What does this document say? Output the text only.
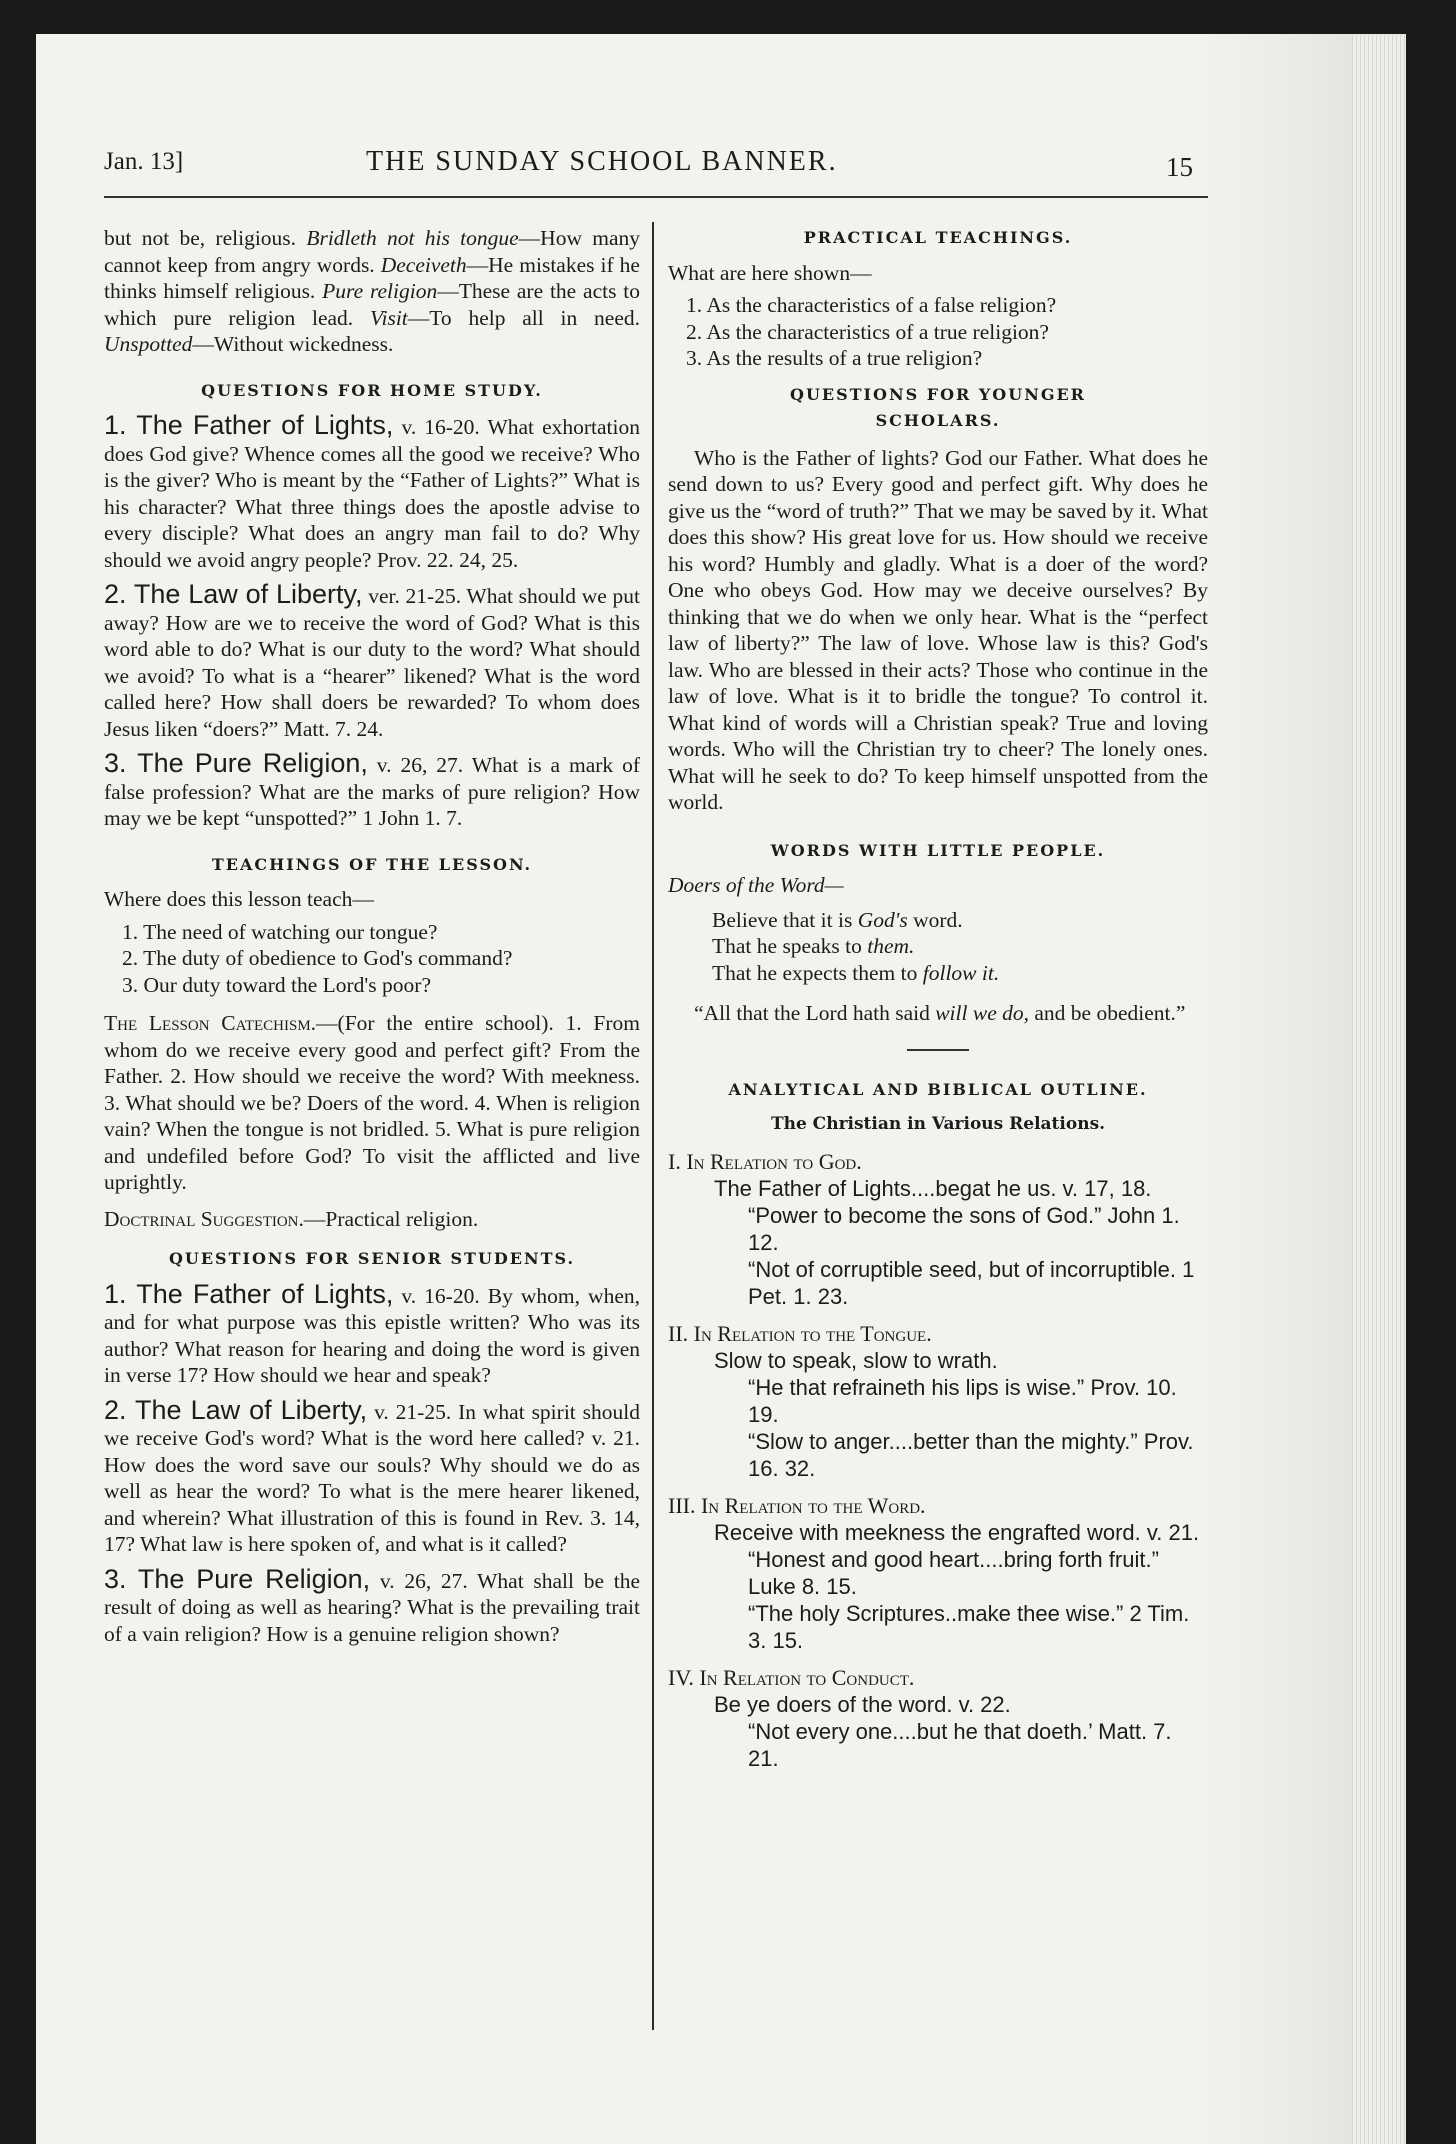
Jan. 13]	THE SUNDAY SCHOOL BANNER.	15

but not be, religious. Bridleth not his tongue—How many cannot keep from angry words. Deceiveth—He mistakes if he thinks himself religious. Pure religion—These are the acts to which pure religion lead. Visit—To help all in need. Unspotted—Without wickedness.

QUESTIONS FOR HOME STUDY.

1. The Father of Lights, v. 16-20. What exhortation does God give? Whence comes all the good we receive? Who is the giver? Who is meant by the “Father of Lights?” What is his character? What three things does the apostle advise to every disciple? What does an angry man fail to do? Why should we avoid angry people? Prov. 22. 24, 25.

2. The Law of Liberty, ver. 21-25. What should we put away? How are we to receive the word of God? What is this word able to do? What is our duty to the word? What should we avoid? To what is a “hearer” likened? What is the word called here? How shall doers be rewarded? To whom does Jesus liken “doers?” Matt. 7. 24.

3. The Pure Religion, v. 26, 27. What is a mark of false profession? What are the marks of pure religion? How may we be kept “unspotted?” 1 John 1. 7.

TEACHINGS OF THE LESSON.

Where does this lesson teach—

1. The need of watching our tongue?
2. The duty of obedience to God's command?
3. Our duty toward the Lord's poor?

The Lesson Catechism.—(For the entire school). 1. From whom do we receive every good and perfect gift? From the Father. 2. How should we receive the word? With meekness. 3. What should we be? Doers of the word. 4. When is religion vain? When the tongue is not bridled. 5. What is pure religion and undefiled before God? To visit the afflicted and live uprightly.

Doctrinal Suggestion.—Practical religion.

QUESTIONS FOR SENIOR STUDENTS.

1. The Father of Lights, v. 16-20. By whom, when, and for what purpose was this epistle written? Who was its author? What reason for hearing and doing the word is given in verse 17? How should we hear and speak?

2. The Law of Liberty, v. 21-25. In what spirit should we receive God's word? What is the word here called? v. 21. How does the word save our souls? Why should we do as well as hear the word? To what is the mere hearer likened, and wherein? What illustration of this is found in Rev. 3. 14, 17? What law is here spoken of, and what is it called?

3. The Pure Religion, v. 26, 27. What shall be the result of doing as well as hearing? What is the prevailing trait of a vain religion? How is a genuine religion shown?

PRACTICAL TEACHINGS.

What are here shown—

1. As the characteristics of a false religion?
2. As the characteristics of a true religion?
3. As the results of a true religion?

QUESTIONS FOR YOUNGER
SCHOLARS.

Who is the Father of lights? God our Father. What does he send down to us? Every good and perfect gift. Why does he give us the “word of truth?” That we may be saved by it. What does this show? His great love for us. How should we receive his word? Humbly and gladly. What is a doer of the word? One who obeys God. How may we deceive ourselves? By thinking that we do when we only hear. What is the “perfect law of liberty?” The law of love. Whose law is this? God's law. Who are blessed in their acts? Those who continue in the law of love. What is it to bridle the tongue? To control it. What kind of words will a Christian speak? True and loving words. Who will the Christian try to cheer? The lonely ones. What will he seek to do? To keep himself unspotted from the world.

WORDS WITH LITTLE PEOPLE.

Doers of the Word—

Believe that it is God's word.
That he speaks to them.
That he expects them to follow it.

“All that the Lord hath said will we do, and be obedient.”

ANALYTICAL AND BIBLICAL OUTLINE.

The Christian in Various Relations.

I. In Relation to God.
The Father of Lights....begat he us. v. 17, 18.
“Power to become the sons of God.” John 1. 12.
“Not of corruptible seed, but of incorruptible. 1 Pet. 1. 23.
II. In Relation to the Tongue.
Slow to speak, slow to wrath.
“He that refraineth his lips is wise.” Prov. 10. 19.
“Slow to anger....better than the mighty.” Prov. 16. 32.
III. In Relation to the Word.
Receive with meekness the engrafted word. v. 21.
“Honest and good heart....bring forth fruit.” Luke 8. 15.
“The holy Scriptures..make thee wise.” 2 Tim. 3. 15.
IV. In Relation to Conduct.
Be ye doers of the word. v. 22.
“Not every one....but he that doeth.’ Matt. 7. 21.
